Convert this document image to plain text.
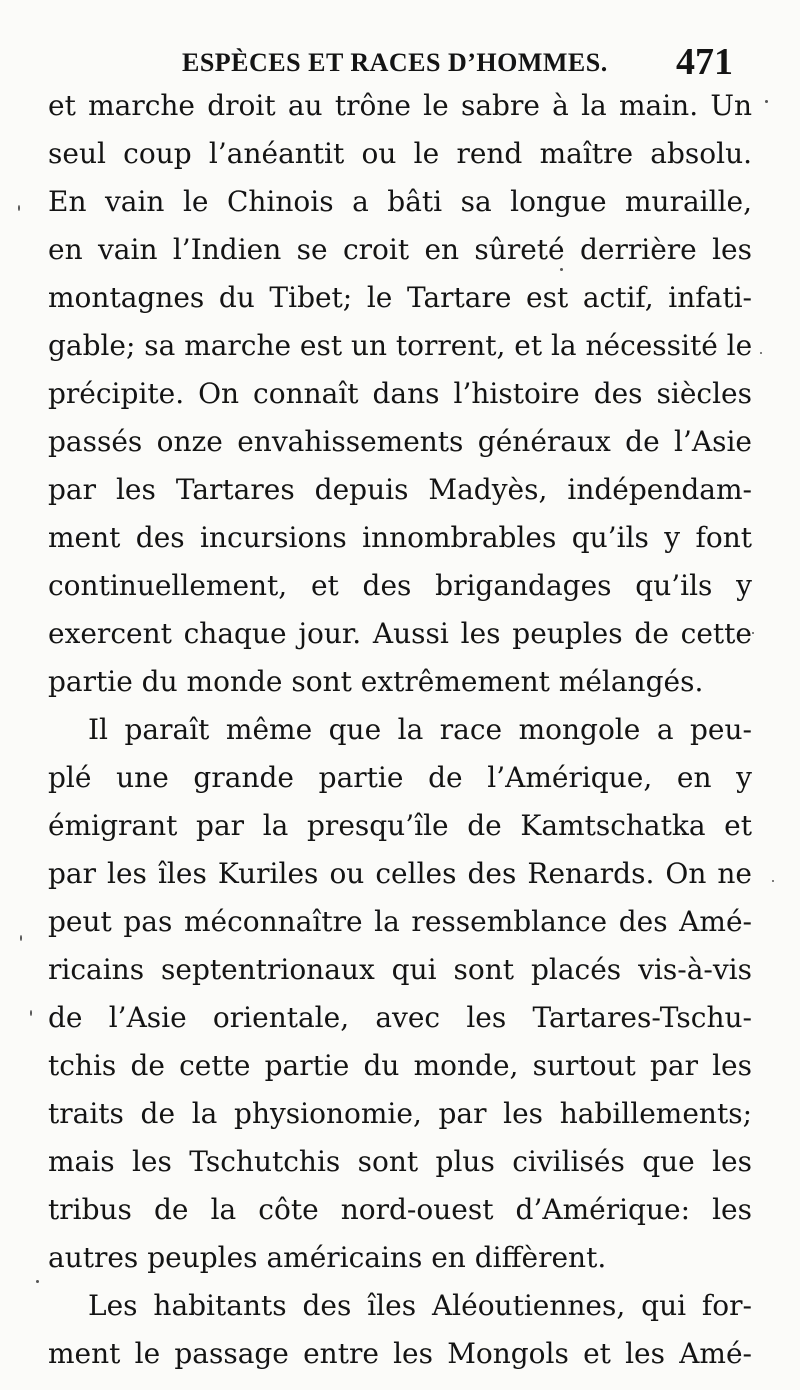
ESPÈCES ET RACES D’HOMMES. 471
et marche droit au trône le sabre à la main. Un
seul coup l’anéantit ou le rend maître absolu.
En vain le Chinois a bâti sa longue muraille,
en vain l’Indien se croit en sûreté derrière les
montagnes du Tibet; le Tartare est actif, infati-
gable; sa marche est un torrent, et la nécessité le
précipite. On connaît dans l’histoire des siècles
passés onze envahissements généraux de l’Asie
par les Tartares depuis Madyès, indépendam-
ment des incursions innombrables qu’ils y font
continuellement, et des brigandages qu’ils y
exercent chaque jour. Aussi les peuples de cette
partie du monde sont extrêmement mélangés.
Il paraît même que la race mongole a peu-
plé une grande partie de l’Amérique, en y
émigrant par la presqu’île de Kamtschatka et
par les îles Kuriles ou celles des Renards. On ne
peut pas méconnaître la ressemblance des Amé-
ricains septentrionaux qui sont placés vis-à-vis
de l’Asie orientale, avec les Tartares-Tschu-
tchis de cette partie du monde, surtout par les
traits de la physionomie, par les habillements;
mais les Tschutchis sont plus civilisés que les
tribus de la côte nord-ouest d’Amérique: les
autres peuples américains en diffèrent.
Les habitants des îles Aléoutiennes, qui for-
ment le passage entre les Mongols et les Amé-
